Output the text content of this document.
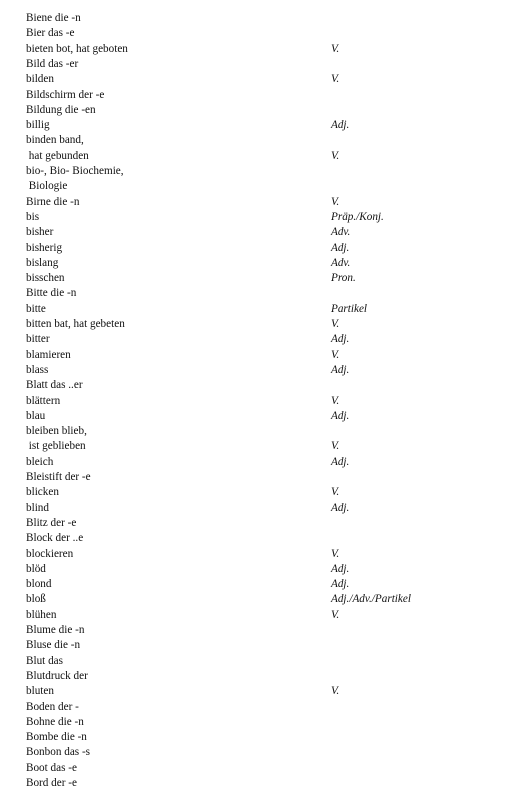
Biene die -n
Bier das -e
bieten bot, hat geboten	V.
Bild das -er
bilden	V.
Bildschirm der -e
Bildung die -en
billig	Adj.
binden band,
hat gebunden	V.
bio-, Bio- Biochemie,
Biologie
Birne die -n	V.
bis	Präp./Konj.
bisher	Adv.
bisherig	Adj.
bislang	Adv.
bisschen	Pron.
Bitte die -n
bitte	Partikel
bitten bat, hat gebeten	V.
bitter	Adj.
blamieren	V.
blass	Adj.
Blatt das ..er
blättern	V.
blau	Adj.
bleiben blieb,
ist geblieben	V.
bleich	Adj.
Bleistift der -e
blicken	V.
blind	Adj.
Blitz der -e
Block der ..e
blockieren	V.
blöd	Adj.
blond	Adj.
bloß	Adj./Adv./Partikel
blühen	V.
Blume die -n
Bluse die -n
Blut das
Blutdruck der
bluten	V.
Boden der -
Bohne die -n
Bombe die -n
Bonbon das -s
Boot das -e
Bord der -e
